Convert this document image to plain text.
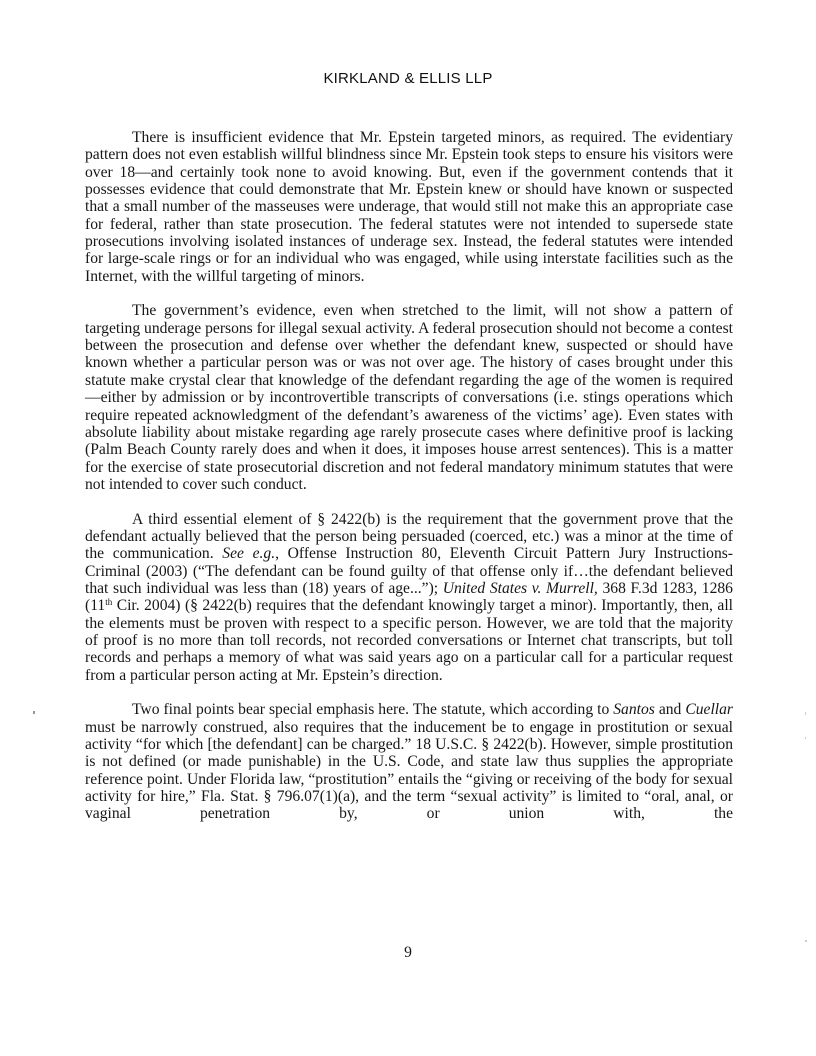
KIRKLAND & ELLIS LLP

There is insufficient evidence that Mr. Epstein targeted minors, as required. The evidentiary pattern does not even establish willful blindness since Mr. Epstein took steps to ensure his visitors were over 18—and certainly took none to avoid knowing. But, even if the government contends that it possesses evidence that could demonstrate that Mr. Epstein knew or should have known or suspected that a small number of the masseuses were underage, that would still not make this an appropriate case for federal, rather than state prosecution. The federal statutes were not intended to supersede state prosecutions involving isolated instances of underage sex. Instead, the federal statutes were intended for large-scale rings or for an individual who was engaged, while using interstate facilities such as the Internet, with the willful targeting of minors.

The government’s evidence, even when stretched to the limit, will not show a pattern of targeting underage persons for illegal sexual activity. A federal prosecution should not become a contest between the prosecution and defense over whether the defendant knew, suspected or should have known whether a particular person was or was not over age. The history of cases brought under this statute make crystal clear that knowledge of the defendant regarding the age of the women is required—either by admission or by incontrovertible transcripts of conversations (i.e. stings operations which require repeated acknowledgment of the defendant’s awareness of the victims’ age). Even states with absolute liability about mistake regarding age rarely prosecute cases where definitive proof is lacking (Palm Beach County rarely does and when it does, it imposes house arrest sentences). This is a matter for the exercise of state prosecutorial discretion and not federal mandatory minimum statutes that were not intended to cover such conduct.

A third essential element of § 2422(b) is the requirement that the government prove that the defendant actually believed that the person being persuaded (coerced, etc.) was a minor at the time of the communication. See e.g., Offense Instruction 80, Eleventh Circuit Pattern Jury Instructions-Criminal (2003) (“The defendant can be found guilty of that offense only if…the defendant believed that such individual was less than (18) years of age...”); United States v. Murrell, 368 F.3d 1283, 1286 (11th Cir. 2004) (§ 2422(b) requires that the defendant knowingly target a minor). Importantly, then, all the elements must be proven with respect to a specific person. However, we are told that the majority of proof is no more than toll records, not recorded conversations or Internet chat transcripts, but toll records and perhaps a memory of what was said years ago on a particular call for a particular request from a particular person acting at Mr. Epstein’s direction.

Two final points bear special emphasis here. The statute, which according to Santos and Cuellar must be narrowly construed, also requires that the inducement be to engage in prostitution or sexual activity “for which [the defendant] can be charged.” 18 U.S.C. § 2422(b). However, simple prostitution is not defined (or made punishable) in the U.S. Code, and state law thus supplies the appropriate reference point. Under Florida law, “prostitution” entails the “giving or receiving of the body for sexual activity for hire,” Fla. Stat. § 796.07(1)(a), and the term “sexual activity” is limited to “oral, anal, or vaginal penetration by, or union with, the

9
